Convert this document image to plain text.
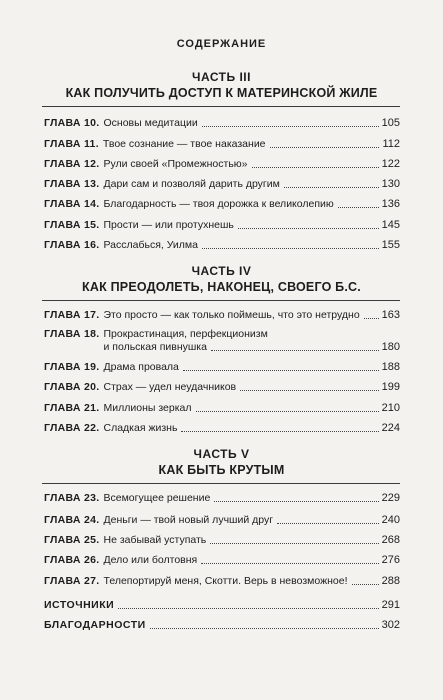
СОДЕРЖАНИЕ
ЧАСТЬ III
КАК ПОЛУЧИТЬ ДОСТУП К МАТЕРИНСКОЙ ЖИЛЕ
ГЛАВА 10. Основы медитации	105
ГЛАВА 11. Твое сознание — твое наказание	112
ГЛАВА 12. Рули своей «Промежностью»	122
ГЛАВА 13. Дари сам и позволяй дарить другим	130
ГЛАВА 14. Благодарность — твоя дорожка к великолепию	136
ГЛАВА 15. Прости — или протухнешь	145
ГЛАВА 16. Расслабься, Уилма	155
ЧАСТЬ IV
КАК ПРЕОДОЛЕТЬ, НАКОНЕЦ, СВОЕГО Б.С.
ГЛАВА 17. Это просто — как только поймешь, что это нетрудно 163
ГЛАВА 18. Прокрастинация, перфекционизм
и польская пивнушка	180
ГЛАВА 19. Драма провала	188
ГЛАВА 20. Страх — удел неудачников	199
ГЛАВА 21. Миллионы зеркал	210
ГЛАВА 22. Сладкая жизнь	224
ЧАСТЬ V
КАК БЫТЬ КРУТЫМ
ГЛАВА 23. Всемогущее решение	229
ГЛАВА 24. Деньги — твой новый лучший друг	240
ГЛАВА 25. Не забывай уступать	268
ГЛАВА 26. Дело или болтовня	276
ГЛАВА 27. Телепортируй меня, Скотти. Верь в невозможное!	288
ИСТОЧНИКИ	291
БЛАГОДАРНОСТИ	302
